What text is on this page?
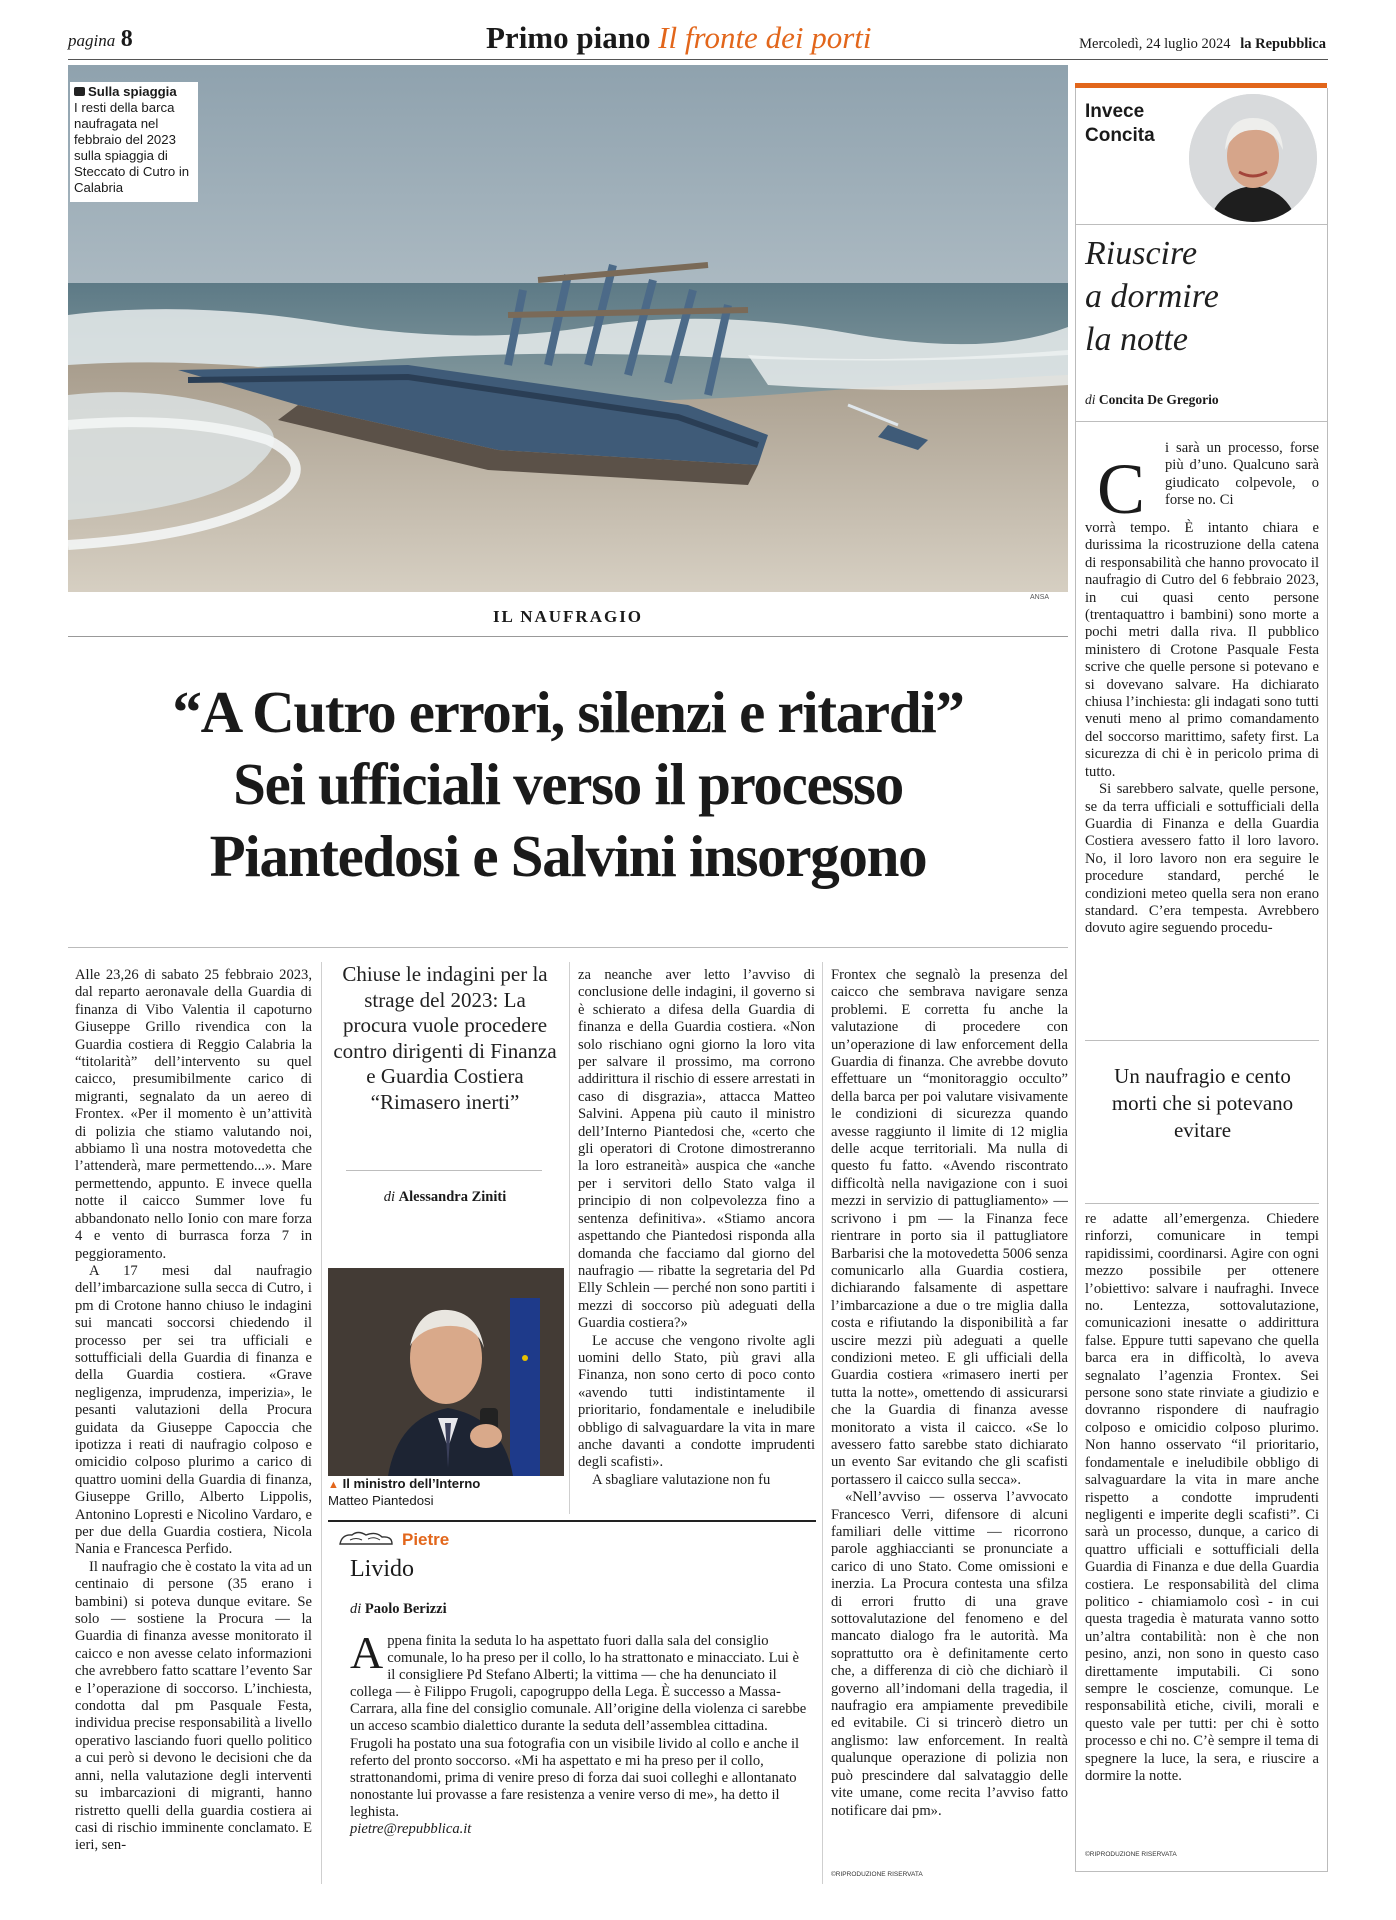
pagina 8	Primo piano Il fronte dei porti	Mercoledì, 24 luglio 2024 la Repubblica
Sulla spiaggia
I resti della barca naufragata nel febbraio del 2023 sulla spiaggia di Steccato di Cutro in Calabria
ANSA
IL NAUFRAGIO
“A Cutro errori, silenzi e ritardi”
Sei ufficiali verso il processo
Piantedosi e Salvini insorgono

Alle 23,26 di sabato 25 febbraio 2023, dal reparto aeronavale della Guardia di finanza di Vibo Valentia il capoturno Giuseppe Grillo rivendica con la Guardia costiera di Reggio Calabria la “titolarità” dell’intervento su quel caicco, presumibilmente carico di migranti, segnalato da un aereo di Frontex. «Per il momento è un’attività di polizia che stiamo valutando noi, abbiamo lì una nostra motovedetta che l’attenderà, mare permettendo...». Mare permettendo, appunto. E invece quella notte il caicco Summer love fu abbandonato nello Ionio con mare forza 4 e vento di burrasca forza 7 in peggioramento.

A 17 mesi dal naufragio dell’imbarcazione sulla secca di Cutro, i pm di Crotone hanno chiuso le indagini sui mancati soccorsi chiedendo il processo per sei tra ufficiali e sottufficiali della Guardia di finanza e della Guardia costiera. «Grave negligenza, imprudenza, imperizia», le pesanti valutazioni della Procura guidata da Giuseppe Capoccia che ipotizza i reati di naufragio colposo e omicidio colposo plurimo a carico di quattro uomini della Guardia di finanza, Giuseppe Grillo, Alberto Lippolis, Antonino Lopresti e Nicolino Vardaro, e per due della Guardia costiera, Nicola Nania e Francesca Perfido.

Il naufragio che è costato la vita ad un centinaio di persone (35 erano i bambini) si poteva dunque evitare. Se solo — sostiene la Procura — la Guardia di finanza avesse monitorato il caicco e non avesse celato informazioni che avrebbero fatto scattare l’evento Sar e l’operazione di soccorso. L’inchiesta, condotta dal pm Pasquale Festa, individua precise responsabilità a livello operativo lasciando fuori quello politico a cui però si devono le decisioni che da anni, nella valutazione degli interventi su imbarcazioni di migranti, hanno ristretto quelli della guardia costiera ai casi di rischio imminente conclamato. E ieri, sen-

Chiuse le indagini per la strage del 2023: La procura vuole procedere contro dirigenti di Finanza e Guardia Costiera “Rimasero inerti”
di Alessandra Ziniti
▲ Il ministro dell’Interno
Matteo Piantedosi

za neanche aver letto l’avviso di conclusione delle indagini, il governo si è schierato a difesa della Guardia di finanza e della Guardia costiera. «Non solo rischiano ogni giorno la loro vita per salvare il prossimo, ma corrono addirittura il rischio di essere arrestati in caso di disgrazia», attacca Matteo Salvini. Appena più cauto il ministro dell’Interno Piantedosi che, «certo che gli operatori di Crotone dimostreranno la loro estraneità» auspica che «anche per i servitori dello Stato valga il principio di non colpevolezza fino a sentenza definitiva». «Stiamo ancora aspettando che Piantedosi risponda alla domanda che facciamo dal giorno del naufragio — ribatte la segretaria del Pd Elly Schlein — perché non sono partiti i mezzi di soccorso più adeguati della Guardia costiera?»

Le accuse che vengono rivolte agli uomini dello Stato, più gravi alla Finanza, non sono certo di poco conto «avendo tutti indistintamente il prioritario, fondamentale e ineludibile obbligo di salvaguardare la vita in mare anche davanti a condotte imprudenti degli scafisti».

A sbagliare valutazione non fu

Frontex che segnalò la presenza del caicco che sembrava navigare senza problemi. E corretta fu anche la valutazione di procedere con un’operazione di law enforcement della Guardia di finanza. Che avrebbe dovuto effettuare un “monitoraggio occulto” della barca per poi valutare visivamente le condizioni di sicurezza quando avesse raggiunto il limite di 12 miglia delle acque territoriali. Ma nulla di questo fu fatto. «Avendo riscontrato difficoltà nella navigazione con i suoi mezzi in servizio di pattugliamento» — scrivono i pm — la Finanza fece rientrare in porto sia il pattugliatore Barbarisi che la motovedetta 5006 senza comunicarlo alla Guardia costiera, dichiarando falsamente di aspettare l’imbarcazione a due o tre miglia dalla costa e rifiutando la disponibilità a far uscire mezzi più adeguati a quelle condizioni meteo. E gli ufficiali della Guardia costiera «rimasero inerti per tutta la notte», omettendo di assicurarsi che la Guardia di finanza avesse monitorato a vista il caicco. «Se lo avessero fatto sarebbe stato dichiarato un evento Sar evitando che gli scafisti portassero il caicco sulla secca».

«Nell’avviso — osserva l’avvocato Francesco Verri, difensore di alcuni familiari delle vittime — ricorrono parole agghiaccianti se pronunciate a carico di uno Stato. Come omissioni e inerzia. La Procura contesta una sfilza di errori frutto di una grave sottovalutazione del fenomeno e del mancato dialogo fra le autorità. Ma soprattutto ora è definitamente certo che, a differenza di ciò che dichiarò il governo all’indomani della tragedia, il naufragio era ampiamente prevedibile ed evitabile. Ci si trincerò dietro un anglismo: law enforcement. In realtà qualunque operazione di polizia non può prescindere dal salvataggio delle vite umane, come recita l’avviso fatto notificare dai pm».

©RIPRODUZIONE RISERVATA
Pietre
Livido
di Paolo Berizzi
Appena finita la seduta lo ha aspettato fuori dalla sala del consiglio comunale, lo ha preso per il collo, lo ha strattonato e minacciato. Lui è il consigliere Pd Stefano Alberti; la vittima — che ha denunciato il collega — è Filippo Frugoli, capogruppo della Lega. È successo a Massa-Carrara, alla fine del consiglio comunale. All’origine della violenza ci sarebbe un acceso scambio dialettico durante la seduta dell’assemblea cittadina. Frugoli ha postato una sua fotografia con un visibile livido al collo e anche il referto del pronto soccorso. «Mi ha aspettato e mi ha preso per il collo, strattonandomi, prima di venire preso di forza dai suoi colleghi e allontanato nonostante lui provasse a fare resistenza a venire verso di me», ha detto il leghista.
pietre@repubblica.it
Invece Concita
Riuscire
a dormire
la notte
di Concita De Gregorio
C
i sarà un processo, forse più d’uno. Qualcuno sarà giudicato colpevole, o forse no. Ci

vorrà tempo. È intanto chiara e durissima la ricostruzione della catena di responsabilità che hanno provocato il naufragio di Cutro del 6 febbraio 2023, in cui quasi cento persone (trentaquattro i bambini) sono morte a pochi metri dalla riva. Il pubblico ministero di Crotone Pasquale Festa scrive che quelle persone si potevano e si dovevano salvare. Ha dichiarato chiusa l’inchiesta: gli indagati sono tutti venuti meno al primo comandamento del soccorso marittimo, safety first. La sicurezza di chi è in pericolo prima di tutto.

Si sarebbero salvate, quelle persone, se da terra ufficiali e sottufficiali della Guardia di Finanza e della Guardia Costiera avessero fatto il loro lavoro. No, il loro lavoro non era seguire le procedure standard, perché le condizioni meteo quella sera non erano standard. C’era tempesta. Avrebbero dovuto agire seguendo procedu-

Un naufragio e cento morti che si potevano evitare

re adatte all’emergenza. Chiedere rinforzi, comunicare in tempi rapidissimi, coordinarsi. Agire con ogni mezzo possibile per ottenere l’obiettivo: salvare i naufraghi. Invece no. Lentezza, sottovalutazione, comunicazioni inesatte o addirittura false. Eppure tutti sapevano che quella barca era in difficoltà, lo aveva segnalato l’agenzia Frontex. Sei persone sono state rinviate a giudizio e dovranno rispondere di naufragio colposo e omicidio colposo plurimo. Non hanno osservato “il prioritario, fondamentale e ineludibile obbligo di salvaguardare la vita in mare anche rispetto a condotte imprudenti negligenti e imperite degli scafisti”. Ci sarà un processo, dunque, a carico di quattro ufficiali e sottufficiali della Guardia di Finanza e due della Guardia costiera. Le responsabilità del clima politico - chiamiamolo così - in cui questa tragedia è maturata vanno sotto un’altra contabilità: non è che non pesino, anzi, non sono in questo caso direttamente imputabili. Ci sono sempre le coscienze, comunque. Le responsabilità etiche, civili, morali e questo vale per tutti: per chi è sotto processo e chi no. C’è sempre il tema di spegnere la luce, la sera, e riuscire a dormire la notte.

©RIPRODUZIONE RISERVATA
